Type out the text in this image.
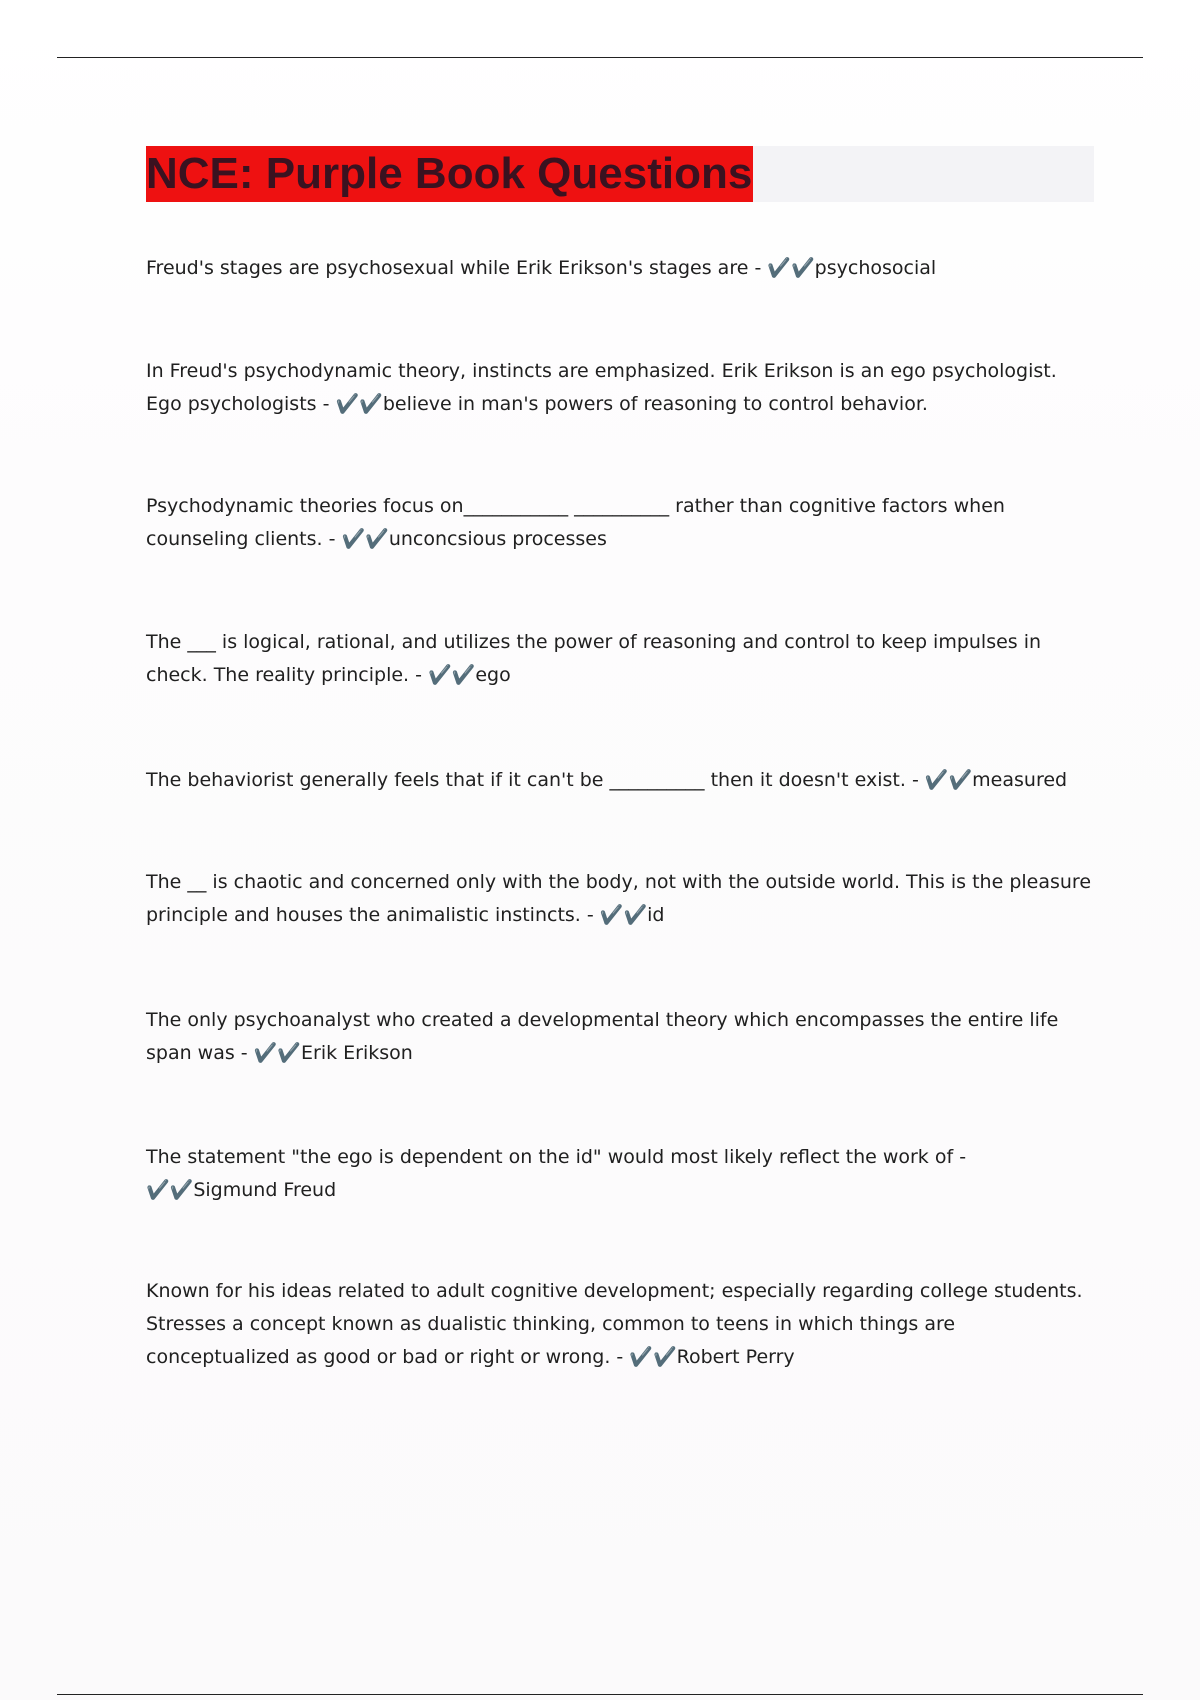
NCE: Purple Book Questions

Freud's stages are psychosexual while Erik Erikson's stages are - ✔️✔️psychosocial

In Freud's psychodynamic theory, instincts are emphasized. Erik Erikson is an ego psychologist. Ego psychologists - ✔️✔️believe in man's powers of reasoning to control behavior.

Psychodynamic theories focus on___________ __________ rather than cognitive factors when counseling clients. - ✔️✔️unconcsious processes

The ___ is logical, rational, and utilizes the power of reasoning and control to keep impulses in check. The reality principle. - ✔️✔️ego

The behaviorist generally feels that if it can't be __________ then it doesn't exist. - ✔️✔️measured

The __ is chaotic and concerned only with the body, not with the outside world. This is the pleasure principle and houses the animalistic instincts. - ✔️✔️id

The only psychoanalyst who created a developmental theory which encompasses the entire life span was - ✔️✔️Erik Erikson

The statement "the ego is dependent on the id" would most likely reflect the work of - ✔️✔️Sigmund Freud

Known for his ideas related to adult cognitive development; especially regarding college students. Stresses a concept known as dualistic thinking, common to teens in which things are conceptualized as good or bad or right or wrong. - ✔️✔️Robert Perry
